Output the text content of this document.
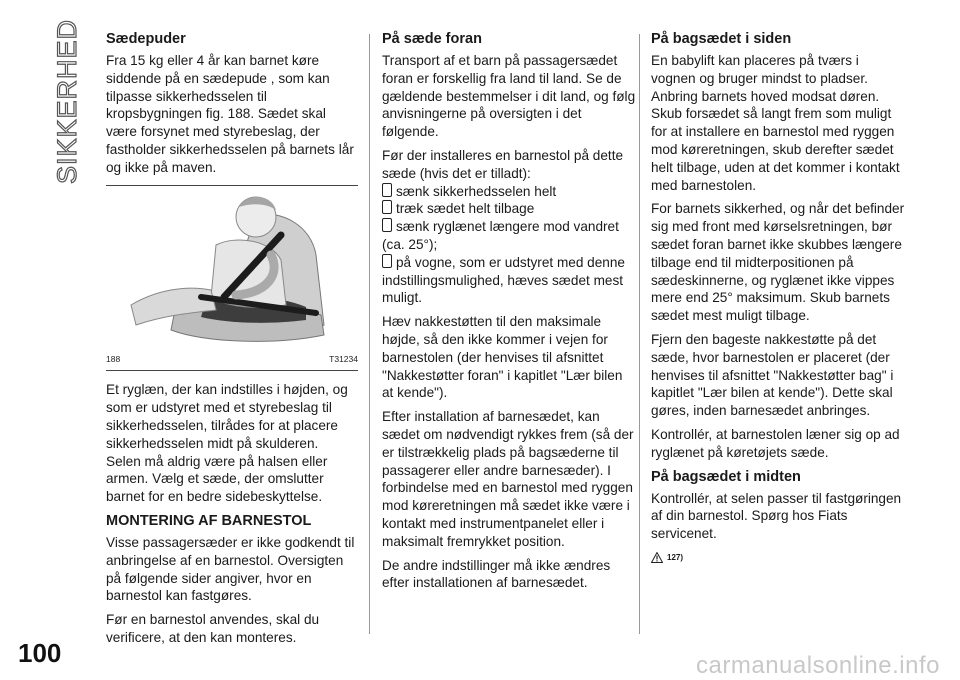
SIKKERHED
100	carmanualsonline.info
Sædepuder

Fra 15 kg eller 4 år kan barnet køre siddende på en sædepude , som kan tilpasse sikkerhedsselen til kropsbygningen fig. 188. Sædet skal være forsynet med styrebeslag, der fastholder sikkerhedsselen på barnets lår og ikke på maven.

188	T31234

Et ryglæn, der kan indstilles i højden, og som er udstyret med et styrebeslag til sikkerhedsselen, tilrådes for at placere sikkerhedsselen midt på skulderen. Selen må aldrig være på halsen eller armen. Vælg et sæde, der omslutter barnet for en bedre sidebeskyttelse.

MONTERING AF BARNESTOL

Visse passagersæder er ikke godkendt til anbringelse af en barnestol. Oversigten på følgende sider angiver, hvor en barnestol kan fastgøres.

Før en barnestol anvendes, skal du verificere, at den kan monteres.

På sæde foran

Transport af et barn på passagersædet foran er forskellig fra land til land. Se de gældende bestemmelser i dit land, og følg anvisningerne på oversigten i det følgende.

Før der installeres en barnestol på dette sæde (hvis det er tilladt):

sænk sikkerhedsselen helt
træk sædet helt tilbage
sænk ryglænet længere mod vandret (ca. 25°);
på vogne, som er udstyret med denne indstillingsmulighed, hæves sædet mest muligt.

Hæv nakkestøtten til den maksimale højde, så den ikke kommer i vejen for barnestolen (der henvises til afsnittet "Nakkestøtter foran" i kapitlet "Lær bilen at kende").

Efter installation af barnesædet, kan sædet om nødvendigt rykkes frem (så der er tilstrækkelig plads på bagsæderne til passagerer eller andre barnesæder). I forbindelse med en barnestol med ryggen mod køreretningen må sædet ikke være i kontakt med instrumentpanelet eller i maksimalt fremrykket position.

De andre indstillinger må ikke ændres efter installationen af barnesædet.

På bagsædet i siden

En babylift kan placeres på tværs i vognen og bruger mindst to pladser. Anbring barnets hoved modsat døren. Skub forsædet så langt frem som muligt for at installere en barnestol med ryggen mod køreretningen, skub derefter sædet helt tilbage, uden at det kommer i kontakt med barnestolen.

For barnets sikkerhed, og når det befinder sig med front med kørselsretningen, bør sædet foran barnet ikke skubbes længere tilbage end til midterpositionen på sædeskinnerne, og ryglænet ikke vippes mere end 25° maksimum. Skub barnets sædet mest muligt tilbage.

Fjern den bageste nakkestøtte på det sæde, hvor barnestolen er placeret (der henvises til afsnittet "Nakkestøtter bag" i kapitlet "Lær bilen at kende"). Dette skal gøres, inden barnesædet anbringes.

Kontrollér, at barnestolen læner sig op ad ryglænet på køretøjets sæde.

På bagsædet i midten

Kontrollér, at selen passer til fastgøringen af din barnestol. Spørg hos Fiats servicenet.

127)
